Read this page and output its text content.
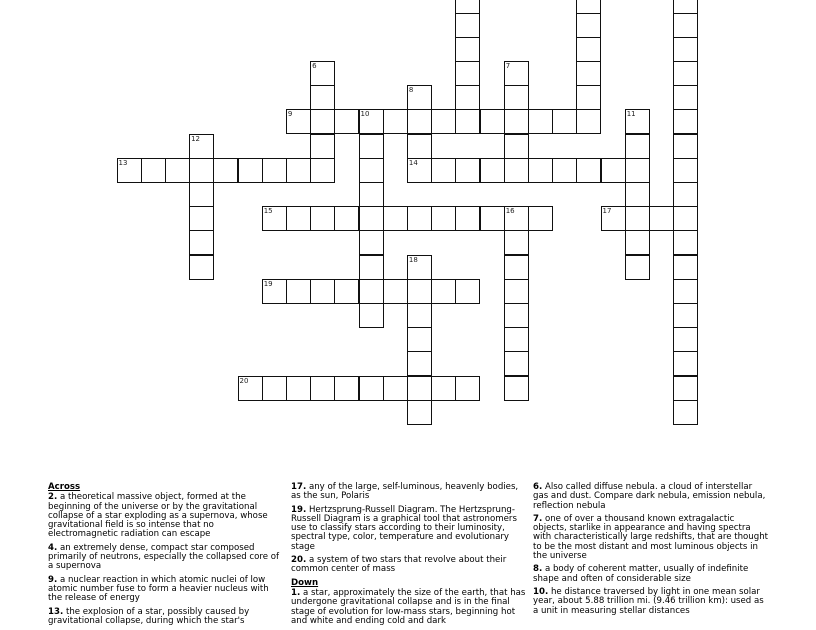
6	7
8
14
9	10	11
12
13
15	16	17
18
19
20
Across
2. a theoretical massive object, formed at the beginning of the universe or by the gravitational collapse of a star exploding as a supernova, whose gravitational field is so intense that no electromagnetic radiation can escape
4. an extremely dense, compact star composed primarily of neutrons, especially the collapsed core of a supernova
9. a nuclear reaction in which atomic nuclei of low atomic number fuse to form a heavier nucleus with the release of energy
13. the explosion of a star, possibly caused by gravitational collapse, during which the star's
17. any of the large, self-luminous, heavenly bodies, as the sun, Polaris
19. Hertzsprung-Russell Diagram. The Hertzsprung-Russell Diagram is a graphical tool that astronomers use to classify stars according to their luminosity, spectral type, color, temperature and evolutionary stage
20. a system of two stars that revolve about their common center of mass
Down
1. a star, approximately the size of the earth, that has undergone gravitational collapse and is in the final stage of evolution for low-mass stars, beginning hot and white and ending cold and dark
6. Also called diffuse nebula. a cloud of interstellar gas and dust. Compare dark nebula, emission nebula, reflection nebula
7. one of over a thousand known extragalactic objects, starlike in appearance and having spectra with characteristically large redshifts, that are thought to be the most distant and most luminous objects in the universe
8. a body of coherent matter, usually of indefinite shape and often of considerable size
10. he distance traversed by light in one mean solar year, about 5.88 trillion mi. (9.46 trillion km): used as a unit in measuring stellar distances
